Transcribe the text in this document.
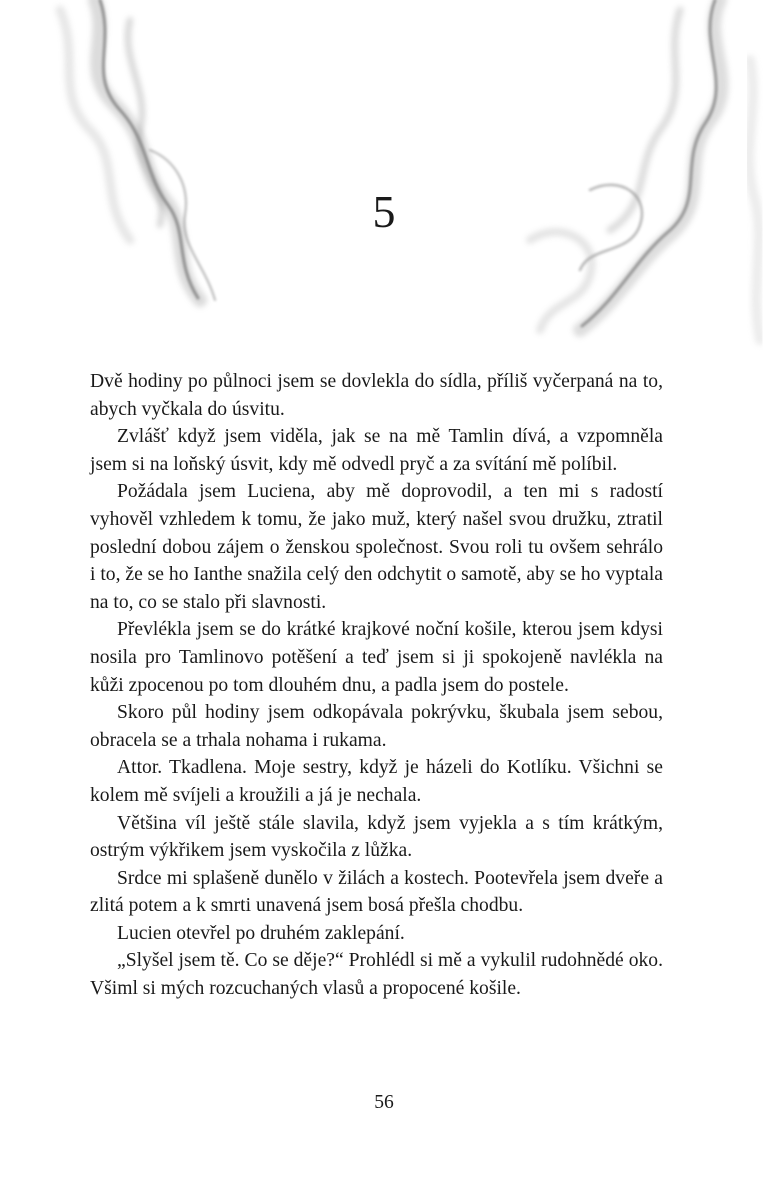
5

Dvě hodiny po půlnoci jsem se dovlekla do sídla, příliš vyčerpaná na to, abych vyčkala do úsvitu.

Zvlášť když jsem viděla, jak se na mě Tamlin dívá, a vzpomněla jsem si na loňský úsvit, kdy mě odvedl pryč a za svítání mě políbil.

Požádala jsem Luciena, aby mě doprovodil, a ten mi s radostí vyhověl vzhledem k tomu, že jako muž, který našel svou družku, ztratil poslední dobou zájem o ženskou společnost. Svou roli tu ovšem sehrálo i to, že se ho Ianthe snažila celý den odchytit o samotě, aby se ho vyptala na to, co se stalo při slavnosti.

Převlékla jsem se do krátké krajkové noční košile, kterou jsem kdysi nosila pro Tamlinovo potěšení a teď jsem si ji spokojeně navlékla na kůži zpocenou po tom dlouhém dnu, a padla jsem do postele.

Skoro půl hodiny jsem odkopávala pokrývku, škubala jsem sebou, obracela se a trhala nohama i rukama.

Attor. Tkadlena. Moje sestry, když je házeli do Kotlíku. Všichni se kolem mě svíjeli a kroužili a já je nechala.

Většina víl ještě stále slavila, když jsem vyjekla a s tím krátkým, ostrým výkřikem jsem vyskočila z lůžka.

Srdce mi splašeně dunělo v žilách a kostech. Pootevřela jsem dveře a zlitá potem a k smrti unavená jsem bosá přešla chodbu.

Lucien otevřel po druhém zaklepání.

„Slyšel jsem tě. Co se děje?“ Prohlédl si mě a vykulil rudohnědé oko. Všiml si mých rozcuchaných vlasů a propocené košile.

56
